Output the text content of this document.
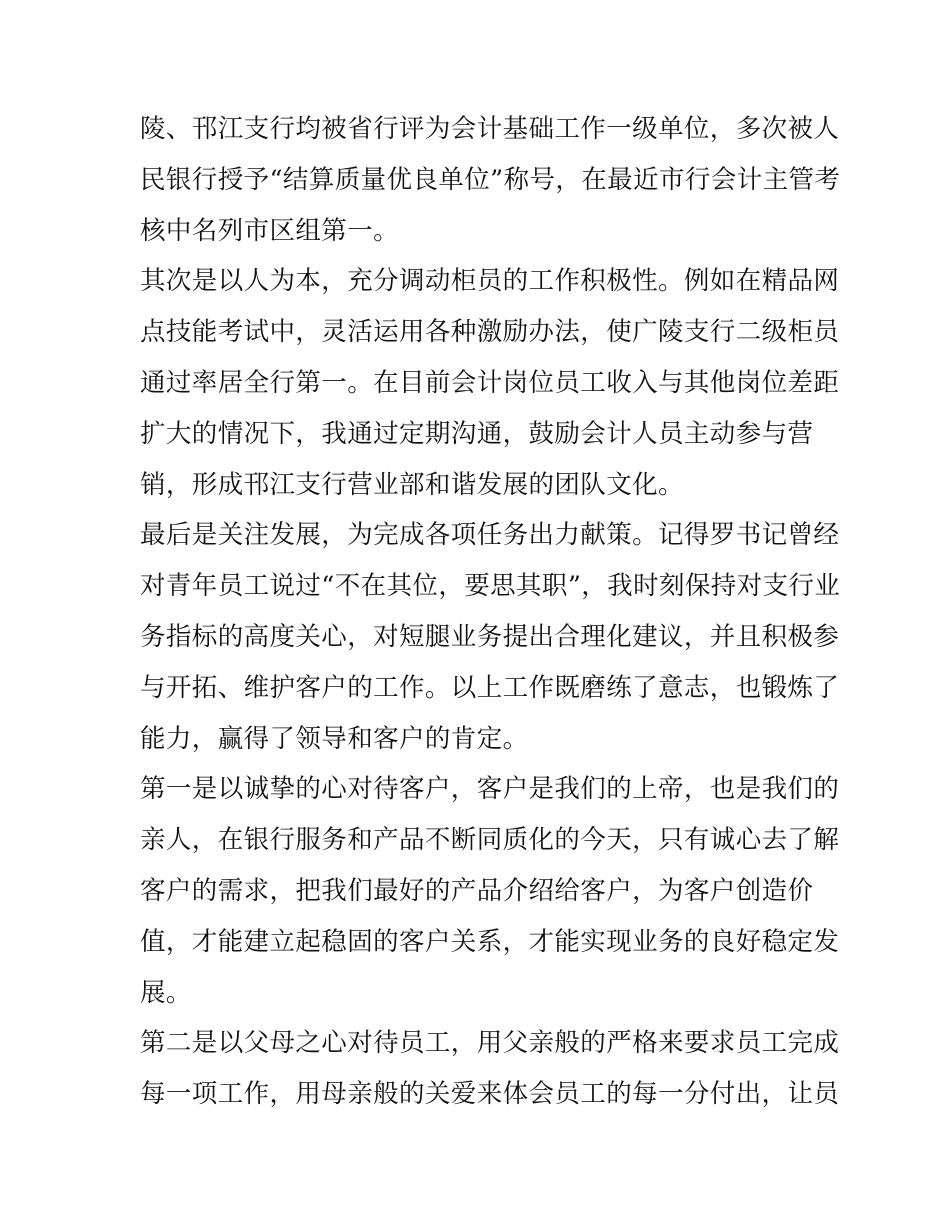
陵、邗江支行均被省行评为会计基础工作一级单位，多次被人
民银行授予“结算质量优良单位”称号，在最近市行会计主管考
核中名列市区组第一。
其次是以人为本，充分调动柜员的工作积极性。例如在精品网
点技能考试中，灵活运用各种激励办法，使广陵支行二级柜员
通过率居全行第一。在目前会计岗位员工收入与其他岗位差距
扩大的情况下，我通过定期沟通，鼓励会计人员主动参与营
销，形成邗江支行营业部和谐发展的团队文化。
最后是关注发展，为完成各项任务出力献策。记得罗书记曾经
对青年员工说过“不在其位，要思其职”，我时刻保持对支行业
务指标的高度关心，对短腿业务提出合理化建议，并且积极参
与开拓、维护客户的工作。以上工作既磨练了意志，也锻炼了
能力，赢得了领导和客户的肯定。
第一是以诚挚的心对待客户，客户是我们的上帝，也是我们的
亲人，在银行服务和产品不断同质化的今天，只有诚心去了解
客户的需求，把我们最好的产品介绍给客户，为客户创造价
值，才能建立起稳固的客户关系，才能实现业务的良好稳定发
展。
第二是以父母之心对待员工，用父亲般的严格来要求员工完成
每一项工作，用母亲般的关爱来体会员工的每一分付出，让员
